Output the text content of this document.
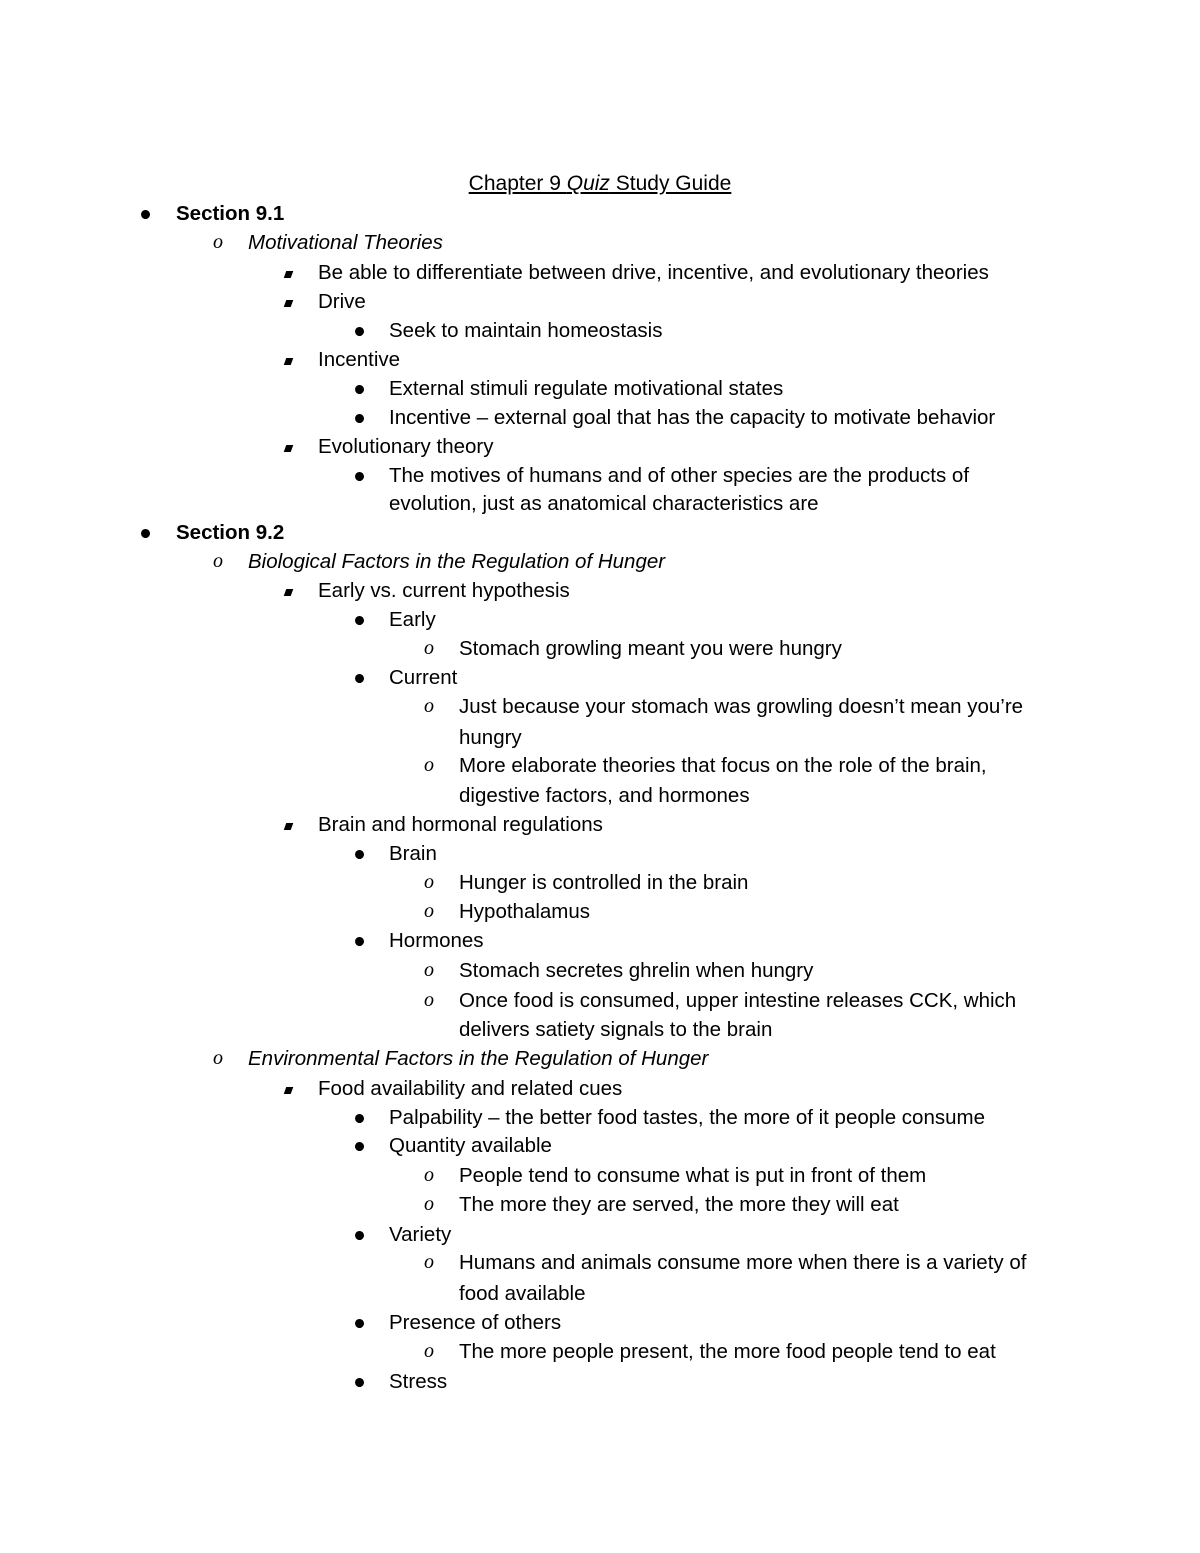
Chapter 9 Quiz Study Guide
Section 9.1
o Motivational Theories
Be able to differentiate between drive, incentive, and evolutionary theories
Drive
Seek to maintain homeostasis
Incentive
External stimuli regulate motivational states
Incentive – external goal that has the capacity to motivate behavior
Evolutionary theory
The motives of humans and of other species are the products of
evolution, just as anatomical characteristics are
Section 9.2
o Biological Factors in the Regulation of Hunger
Early vs. current hypothesis
Early
o Stomach growling meant you were hungry
Current
o Just because your stomach was growling doesn’t mean you’re
hungry
o More elaborate theories that focus on the role of the brain,
digestive factors, and hormones
Brain and hormonal regulations
Brain
o Hunger is controlled in the brain
o Hypothalamus
Hormones
o Stomach secretes ghrelin when hungry
o Once food is consumed, upper intestine releases CCK, which
delivers satiety signals to the brain
o Environmental Factors in the Regulation of Hunger
Food availability and related cues
Palpability – the better food tastes, the more of it people consume
Quantity available
o People tend to consume what is put in front of them
o The more they are served, the more they will eat
Variety
o Humans and animals consume more when there is a variety of
food available
Presence of others
o The more people present, the more food people tend to eat
Stress
